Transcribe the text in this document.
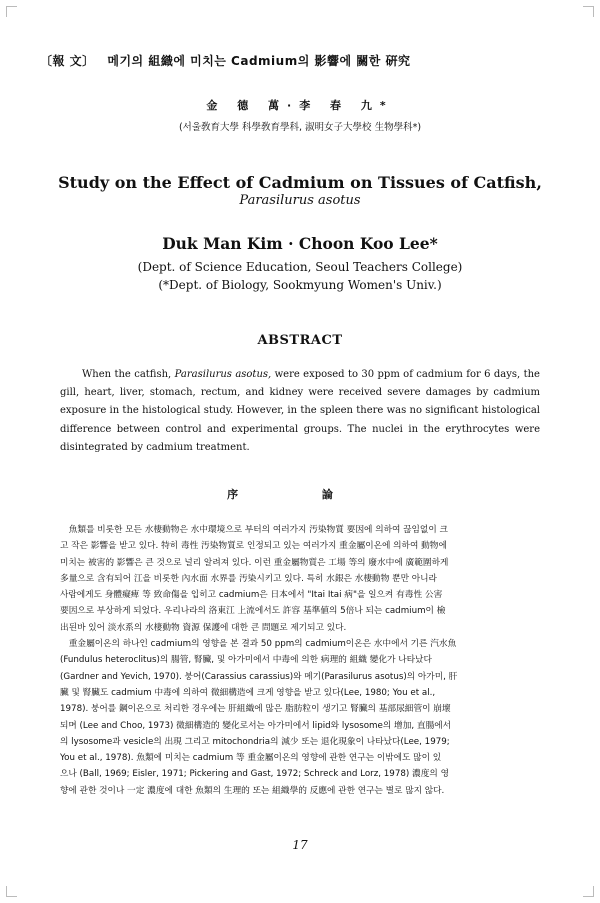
〔報 文〕 메기의 組織에 미치는 Cadmium의 影響에 關한 硏究
金 德 萬·李 春 九*
(서울敎育大學 科學敎育學科, 淑明女子大學校 生物學科*)
Study on the Effect of Cadmium on Tissues of Catfish,
Parasilurus asotus
Duk Man Kim · Choon Koo Lee*
(Dept. of Science Education, Seoul Teachers College)
(*Dept. of Biology, Sookmyung Women's Univ.)
ABSTRACT
When the catfish, Parasilurus asotus, were exposed to 30 ppm of cadmium for 6 days, the gill, heart, liver, stomach, rectum, and kidney were received severe damages by cadmium exposure in the histological study. However, in the spleen there was no significant histological difference between control and experimental groups. The nuclei in the erythrocytes were disintegrated by cadmium treatment.
序 論
　魚類를 비롯한 모든 水棲動物은 水中環境으로 부터의 여러가지 汚染物質 要因에 의하여 끊임없이 크
고 작은 影響을 받고 있다. 特히 毒性 汚染物質로 인정되고 있는 여러가지 重金屬이온에 의하여 動物에
미치는 被害的 影響은 큰 것으로 널리 알려져 있다. 이런 重金屬物質은 工場 等의 廢水中에 廣範圍하게
多量으로 含有되어 江을 비롯한 內水面 水界를 汚染시키고 있다. 특히 水銀은 水棲動物 뿐만 아니라
사람에게도 身體癡痺 等 致命傷을 입히고 cadmium은 日本에서 "Itai Itai 病"을 일으켜 有毒性 公害
要因으로 부상하게 되었다. 우리나라의 洛東江 上流에서도 許容 基準値의 5倍나 되는 cadmium이 檢
出된바 있어 淡水系의 水棲動物 資源 保護에 대한 큰 問題로 제기되고 있다.
　重金屬이온의 하나인 cadmium의 영향을 본 결과 50 ppm의 cadmium이온은 水中에서 기른 汽水魚
(Fundulus heteroclitus)의 腸管, 腎臟, 및 아가미에서 中毒에 의한 病理的 組織 變化가 나타났다
(Gardner and Yevich, 1970). 붕어(Carassius carassius)와 메기(Parasilurus asotus)의 아가미, 肝
臟 및 腎臟도 cadmium 中毒에 의하여 微細構造에 크게 영향을 받고 있다(Lee, 1980; You et al.,
1978). 붕어를 鋼이온으로 처리한 경우에는 肝組織에 많은 脂肪粒이 생기고 腎臟의 基部尿細管이 崩壞
되며 (Lee and Choo, 1973) 微細構造的 變化로서는 아가미에서 lipid와 lysosome의 增加, 直腸에서
의 lysosome과 vesicle의 出現 그리고 mitochondria의 減少 또는 退化現象이 나타났다(Lee, 1979;
You et al., 1978). 魚類에 미치는 cadmium 等 重金屬이온의 영향에 관한 연구는 이밖에도 많이 있
으나 (Ball, 1969; Eisler, 1971; Pickering and Gast, 1972; Schreck and Lorz, 1978) 濃度의 영
향에 관한 것이나 一定 濃度에 대한 魚類의 生理的 또는 組織學的 反應에 관한 연구는 별로 많지 않다.
17
